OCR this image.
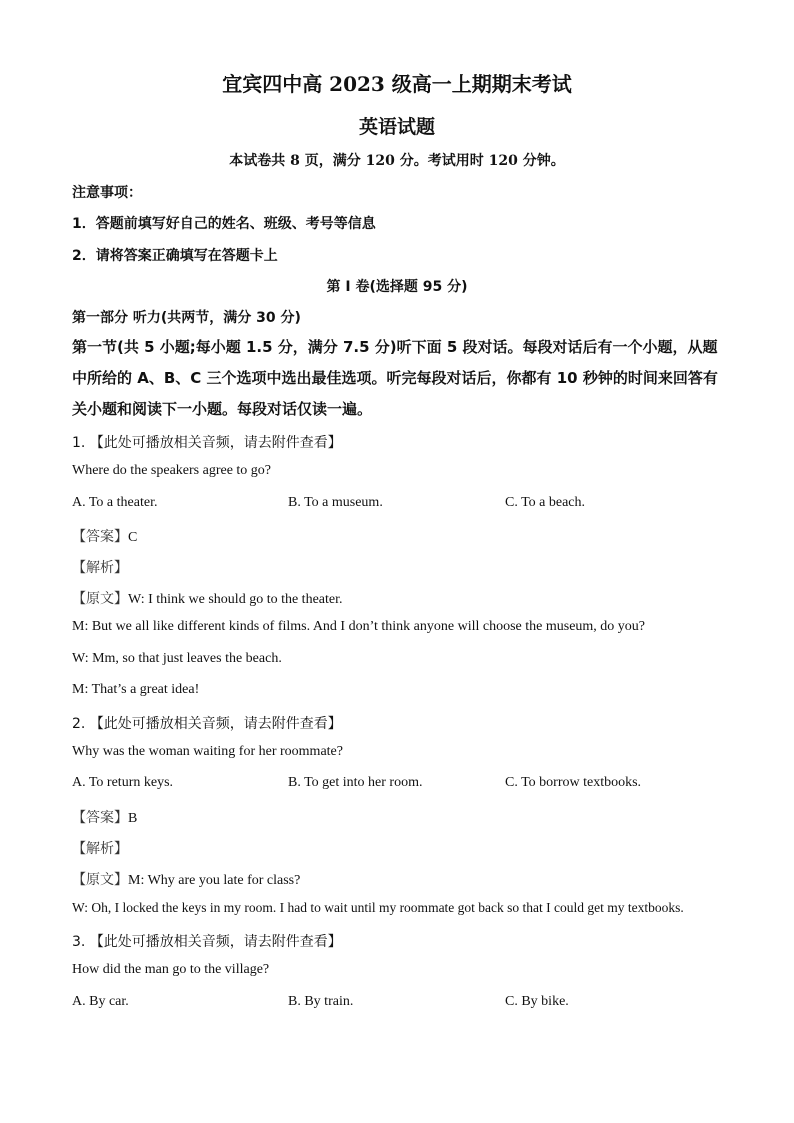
宜宾四中高 2023 级高一上期期末考试
英语试题
本试卷共 8 页，满分 120 分。考试用时 120 分钟。
注意事项：
1．答题前填写好自己的姓名、班级、考号等信息
2．请将答案正确填写在答题卡上
第 I 卷(选择题 95 分)
第一部分 听力(共两节，满分 30 分)
第一节(共 5 小题;每小题 1.5 分，满分 7.5 分)听下面 5 段对话。每段对话后有一个小题，从题中所给的 A、B、C 三个选项中选出最佳选项。听完每段对话后，你都有 10 秒钟的时间来回答有关小题和阅读下一小题。每段对话仅读一遍。
1. 【此处可播放相关音频，请去附件查看】
Where do the speakers agree to go?
A. To a theater.	B. To a museum.	C. To a beach.
【答案】C
【解析】
【原文】W: I think we should go to the theater.
M: But we all like different kinds of films. And I don’t think anyone will choose the museum, do you?
W: Mm, so that just leaves the beach.
M: That’s a great idea!
2. 【此处可播放相关音频，请去附件查看】
Why was the woman waiting for her roommate?
A. To return keys.	B. To get into her room.	C. To borrow textbooks.
【答案】B
【解析】
【原文】M: Why are you late for class?
W: Oh, I locked the keys in my room. I had to wait until my roommate got back so that I could get my textbooks.
3. 【此处可播放相关音频，请去附件查看】
How did the man go to the village?
A. By car.	B. By train.	C. By bike.
